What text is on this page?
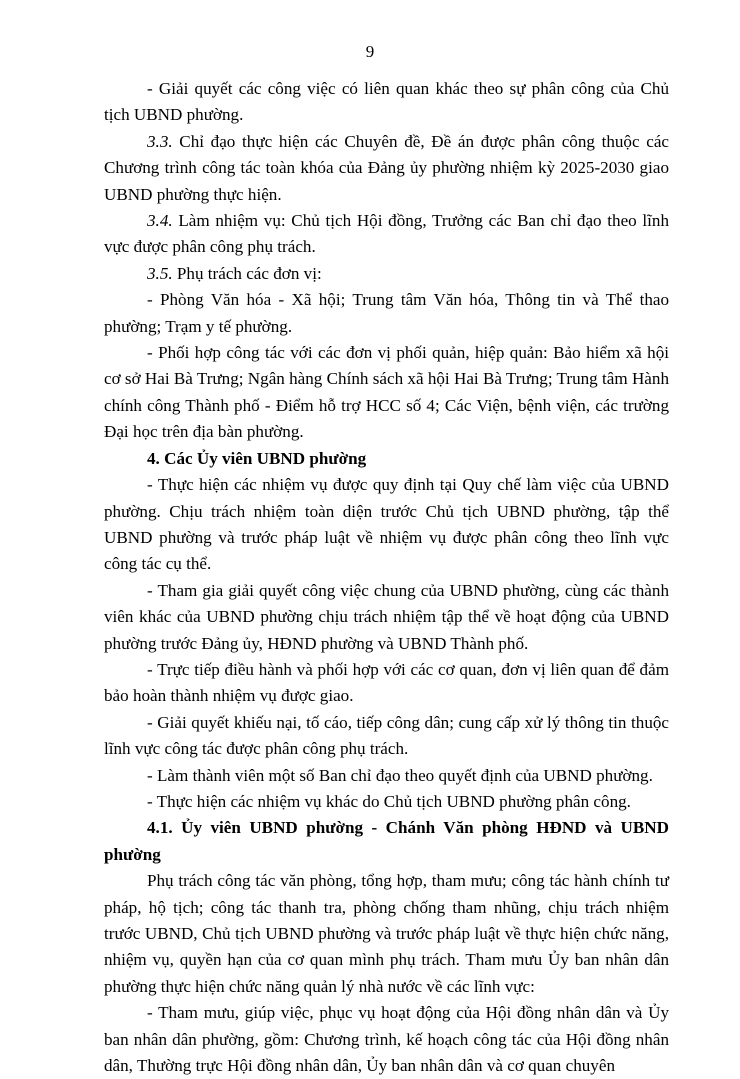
9

- Giải quyết các công việc có liên quan khác theo sự phân công của Chủ tịch UBND phường.

3.3. Chỉ đạo thực hiện các Chuyên đề, Đề án được phân công thuộc các Chương trình công tác toàn khóa của Đảng ủy phường nhiệm kỳ 2025-2030 giao UBND phường thực hiện.

3.4. Làm nhiệm vụ: Chủ tịch Hội đồng, Trưởng các Ban chỉ đạo theo lĩnh vực được phân công phụ trách.

3.5. Phụ trách các đơn vị:

- Phòng Văn hóa - Xã hội; Trung tâm Văn hóa, Thông tin và Thể thao phường; Trạm y tế phường.

- Phối hợp công tác với các đơn vị phối quản, hiệp quản: Bảo hiểm xã hội cơ sở Hai Bà Trưng; Ngân hàng Chính sách xã hội Hai Bà Trưng; Trung tâm Hành chính công Thành phố - Điểm hỗ trợ HCC số 4; Các Viện, bệnh viện, các trường Đại học trên địa bàn phường.

4. Các Ủy viên UBND phường

- Thực hiện các nhiệm vụ được quy định tại Quy chế làm việc của UBND phường. Chịu trách nhiệm toàn diện trước Chủ tịch UBND phường, tập thể UBND phường và trước pháp luật về nhiệm vụ được phân công theo lĩnh vực công tác cụ thể.

- Tham gia giải quyết công việc chung của UBND phường, cùng các thành viên khác của UBND phường chịu trách nhiệm tập thể về hoạt động của UBND phường trước Đảng ủy, HĐND phường và UBND Thành phố.

- Trực tiếp điều hành và phối hợp với các cơ quan, đơn vị liên quan để đảm bảo hoàn thành nhiệm vụ được giao.

- Giải quyết khiếu nại, tố cáo, tiếp công dân; cung cấp xử lý thông tin thuộc lĩnh vực công tác được phân công phụ trách.

- Làm thành viên một số Ban chỉ đạo theo quyết định của UBND phường.

- Thực hiện các nhiệm vụ khác do Chủ tịch UBND phường phân công.

4.1. Ủy viên UBND phường - Chánh Văn phòng HĐND và UBND phường

Phụ trách công tác văn phòng, tổng hợp, tham mưu; công tác hành chính tư pháp, hộ tịch; công tác thanh tra, phòng chống tham nhũng, chịu trách nhiệm trước UBND, Chủ tịch UBND phường và trước pháp luật về thực hiện chức năng, nhiệm vụ, quyền hạn của cơ quan mình phụ trách. Tham mưu Ủy ban nhân dân phường thực hiện chức năng quản lý nhà nước về các lĩnh vực:

- Tham mưu, giúp việc, phục vụ hoạt động của Hội đồng nhân dân và Ủy ban nhân dân phường, gồm: Chương trình, kế hoạch công tác của Hội đồng nhân dân, Thường trực Hội đồng nhân dân, Ủy ban nhân dân và cơ quan chuyên
